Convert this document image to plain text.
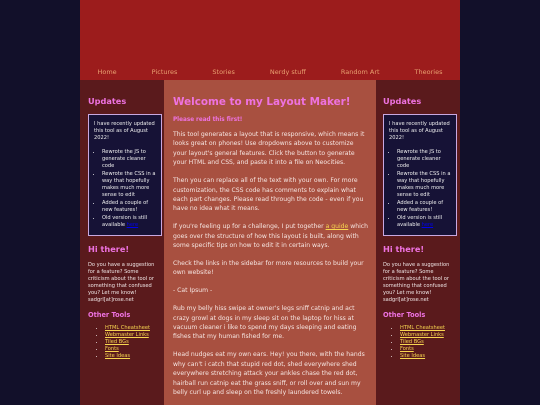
Home	Pictures	Stories	Nerdy stuff	Random Art	Theories
Updates

I have recently updated this tool as of August 2022!

• Rewrote the JS to generate cleaner code
• Rewrote the CSS in a way that hopefully makes much more sense to edit
• Added a couple of new features!
• Old version is still available here
Hi there!

Do you have a suggestion for a feature? Some criticism about the tool or something that confused you? Let me know! sadgrl[at]rose.net

Other Tools
• HTML Cheatsheet
• Webmaster Links
• Tiled BGs
• Fonts
• Site Ideas
Welcome to my Layout Maker!
Please read this first!

This tool generates a layout that is responsive, which means it looks great on phones! Use dropdowns above to customize your layout's general features. Click the button to generate your HTML and CSS, and paste it into a file on Neocities.

Then you can replace all of the text with your own. For more customization, the CSS code has comments to explain what each part changes. Please read through the code - even if you have no idea what it means.

If you're feeling up for a challenge, I put together a guide which goes over the structure of how this layout is built, along with some specific tips on how to edit it in certain ways.

Check the links in the sidebar for more resources to build your own website!

- Cat Ipsum -

Rub my belly hiss swipe at owner's legs sniff catnip and act crazy growl at dogs in my sleep sit on the laptop for hiss at vacuum cleaner i like to spend my days sleeping and eating fishes that my human fished for me.

Head nudges eat my own ears. Hey! you there, with the hands why can't i catch that stupid red dot, shed everywhere shed everywhere stretching attack your ankles chase the red dot, hairball run catnip eat the grass sniff, or roll over and sun my belly curl up and sleep on the freshly laundered towels.

Updates

I have recently updated this tool as of August 2022!

• Rewrote the JS to generate cleaner code
• Rewrote the CSS in a way that hopefully makes much more sense to edit
• Added a couple of new features!
• Old version is still available here
Hi there!

Do you have a suggestion for a feature? Some criticism about the tool or something that confused you? Let me know! sadgrl[at]rose.net

Other Tools
• HTML Cheatsheet
• Webmaster Links
• Tiled BGs
• Fonts
• Site Ideas
